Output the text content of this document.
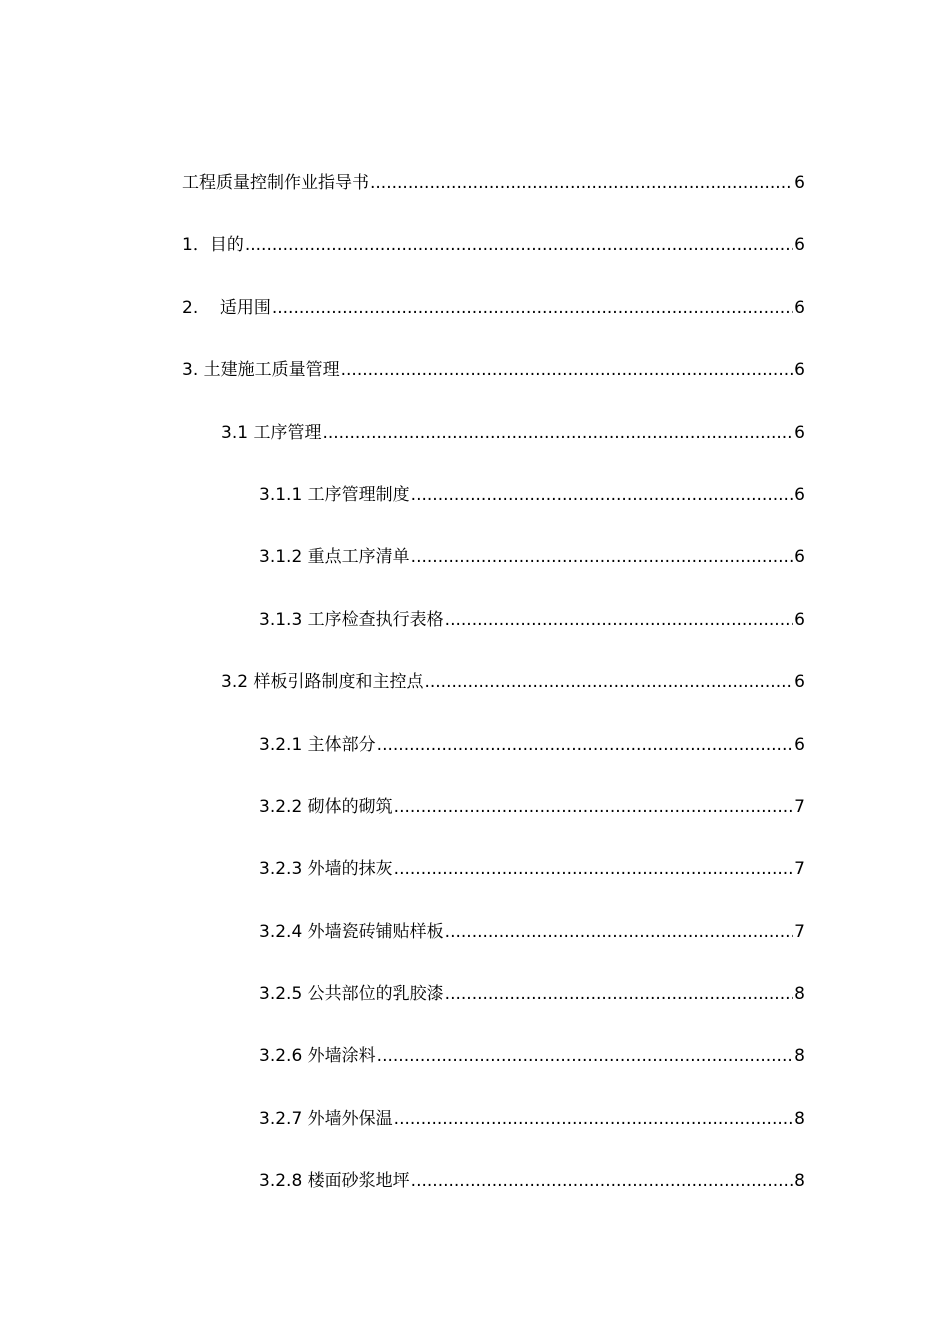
工程质量控制作业指导书 .....	6
1．目的 .....	6
2.    适用围 .....	6
3. 土建施工质量管理 .....	6
3.1 工序管理 .....	6
3.1.1 工序管理制度 .....	6
3.1.2 重点工序清单 .....	6
3.1.3 工序检查执行表格 .....	6
3.2 样板引路制度和主控点 .....	6
3.2.1 主体部分 .....	6
3.2.2 砌体的砌筑 .....	7
3.2.3 外墙的抹灰 .....	7
3.2.4 外墙瓷砖铺贴样板 .....	7
3.2.5 公共部位的乳胶漆 .....	8
3.2.6 外墙涂料 .....	8
3.2.7 外墙外保温 .....	8
3.2.8 楼面砂浆地坪 .....	8
